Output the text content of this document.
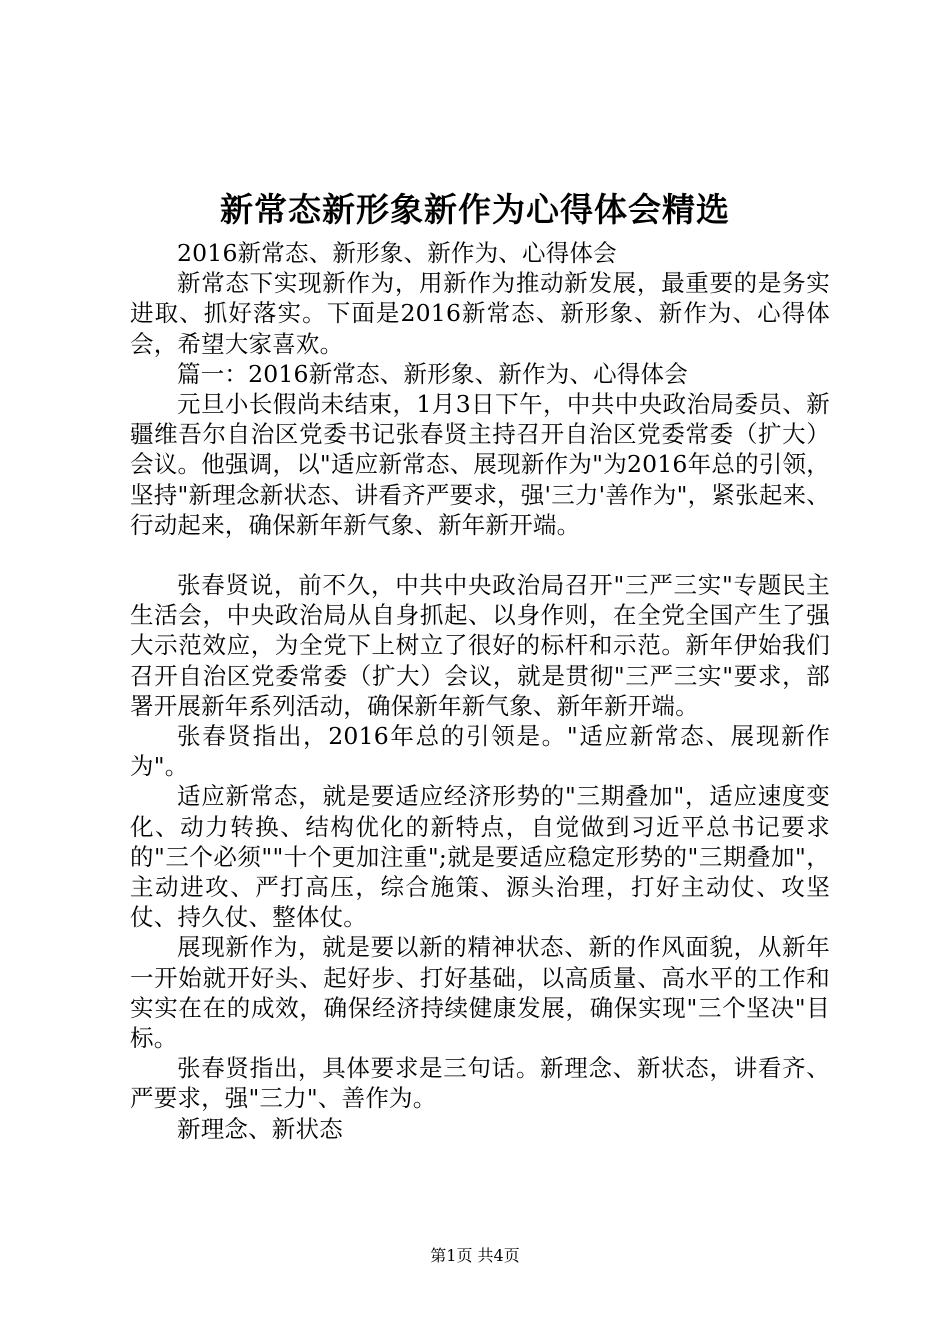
新常态新形象新作为心得体会精选

2016新常态、新形象、新作为、心得体会

新常态下实现新作为，用新作为推动新发展，最重要的是务实进取、抓好落实。下面是2016新常态、新形象、新作为、心得体会，希望大家喜欢。

篇一：2016新常态、新形象、新作为、心得体会

元旦小长假尚未结束，1月3日下午，中共中央政治局委员、新疆维吾尔自治区党委书记张春贤主持召开自治区党委常委（扩大）会议。他强调，以"适应新常态、展现新作为"为2016年总的引领，坚持"新理念新状态、讲看齐严要求，强'三力'善作为"，紧张起来、行动起来，确保新年新气象、新年新开端。

张春贤说，前不久，中共中央政治局召开"三严三实"专题民主生活会，中央政治局从自身抓起、以身作则，在全党全国产生了强大示范效应，为全党下上树立了很好的标杆和示范。新年伊始我们召开自治区党委常委（扩大）会议，就是贯彻"三严三实"要求，部署开展新年系列活动，确保新年新气象、新年新开端。

张春贤指出，2016年总的引领是。"适应新常态、展现新作为"。

适应新常态，就是要适应经济形势的"三期叠加"，适应速度变化、动力转换、结构优化的新特点，自觉做到习近平总书记要求的"三个必须""十个更加注重";就是要适应稳定形势的"三期叠加"，主动进攻、严打高压，综合施策、源头治理，打好主动仗、攻坚仗、持久仗、整体仗。

展现新作为，就是要以新的精神状态、新的作风面貌，从新年一开始就开好头、起好步、打好基础，以高质量、高水平的工作和实实在在的成效，确保经济持续健康发展，确保实现"三个坚决"目标。

张春贤指出，具体要求是三句话。新理念、新状态，讲看齐、严要求，强"三力"、善作为。

新理念、新状态

第1页 共4页
